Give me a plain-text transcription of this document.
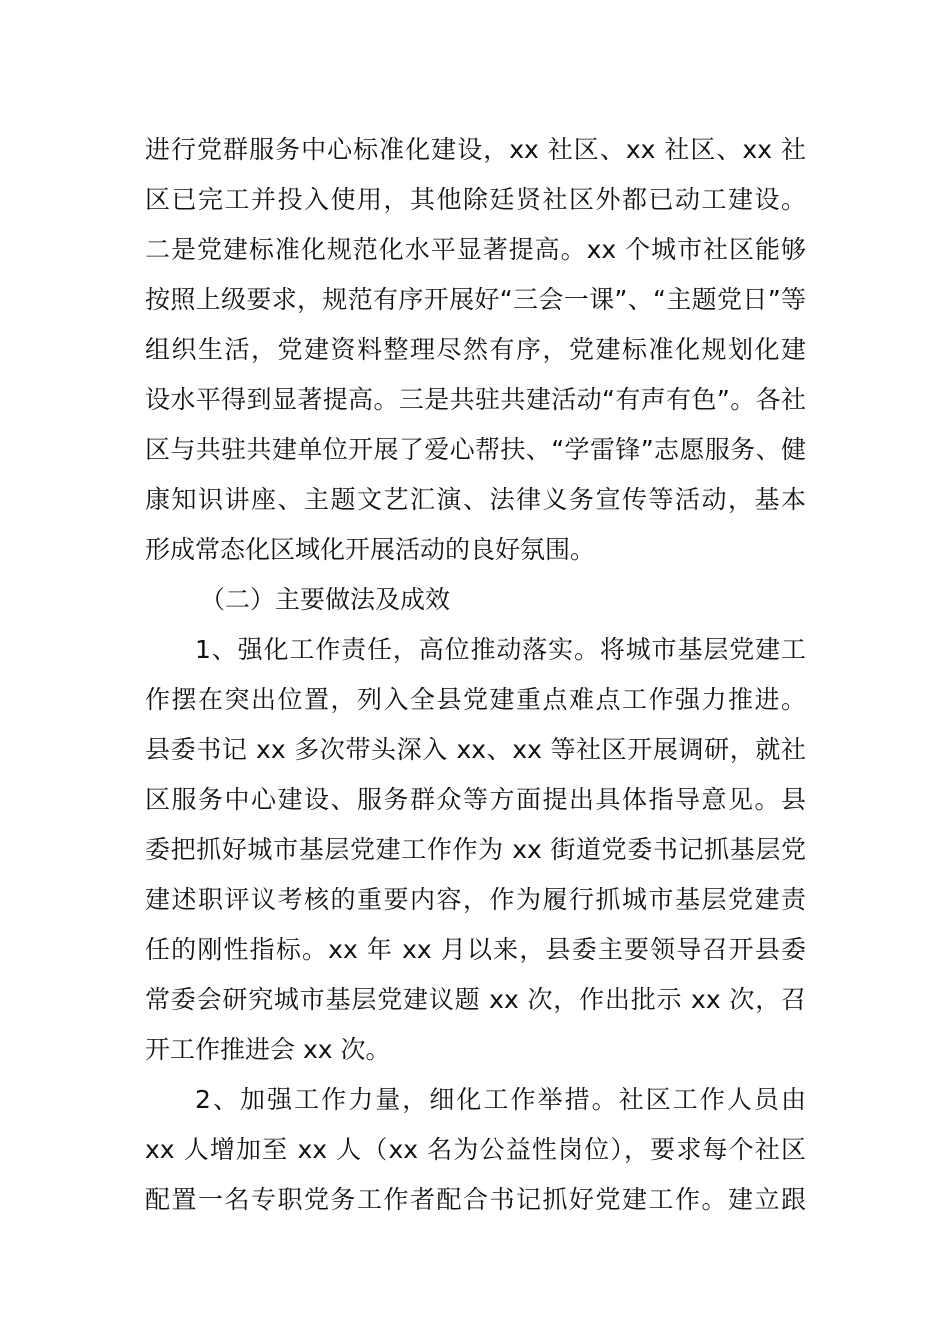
进行党群服务中心标准化建设，xx 社区、xx 社区、xx 社
区已完工并投入使用，其他除廷贤社区外都已动工建设。
二是党建标准化规范化水平显著提高。xx 个城市社区能够
按照上级要求，规范有序开展好“三会一课”、“主题党日”等
组织生活，党建资料整理尽然有序，党建标准化规划化建
设水平得到显著提高。三是共驻共建活动“有声有色”。各社
区与共驻共建单位开展了爱心帮扶、“学雷锋”志愿服务、健
康知识讲座、主题文艺汇演、法律义务宣传等活动，基本
形成常态化区域化开展活动的良好氛围。
（二）主要做法及成效
1、强化工作责任，高位推动落实。将城市基层党建工
作摆在突出位置，列入全县党建重点难点工作强力推进。
县委书记 xx 多次带头深入 xx、xx 等社区开展调研，就社
区服务中心建设、服务群众等方面提出具体指导意见。县
委把抓好城市基层党建工作作为 xx 街道党委书记抓基层党
建述职评议考核的重要内容，作为履行抓城市基层党建责
任的刚性指标。xx 年 xx 月以来，县委主要领导召开县委
常委会研究城市基层党建议题 xx 次，作出批示 xx 次，召
开工作推进会 xx 次。
2、加强工作力量，细化工作举措。社区工作人员由
xx 人增加至 xx 人（xx 名为公益性岗位），要求每个社区
配置一名专职党务工作者配合书记抓好党建工作。建立跟
